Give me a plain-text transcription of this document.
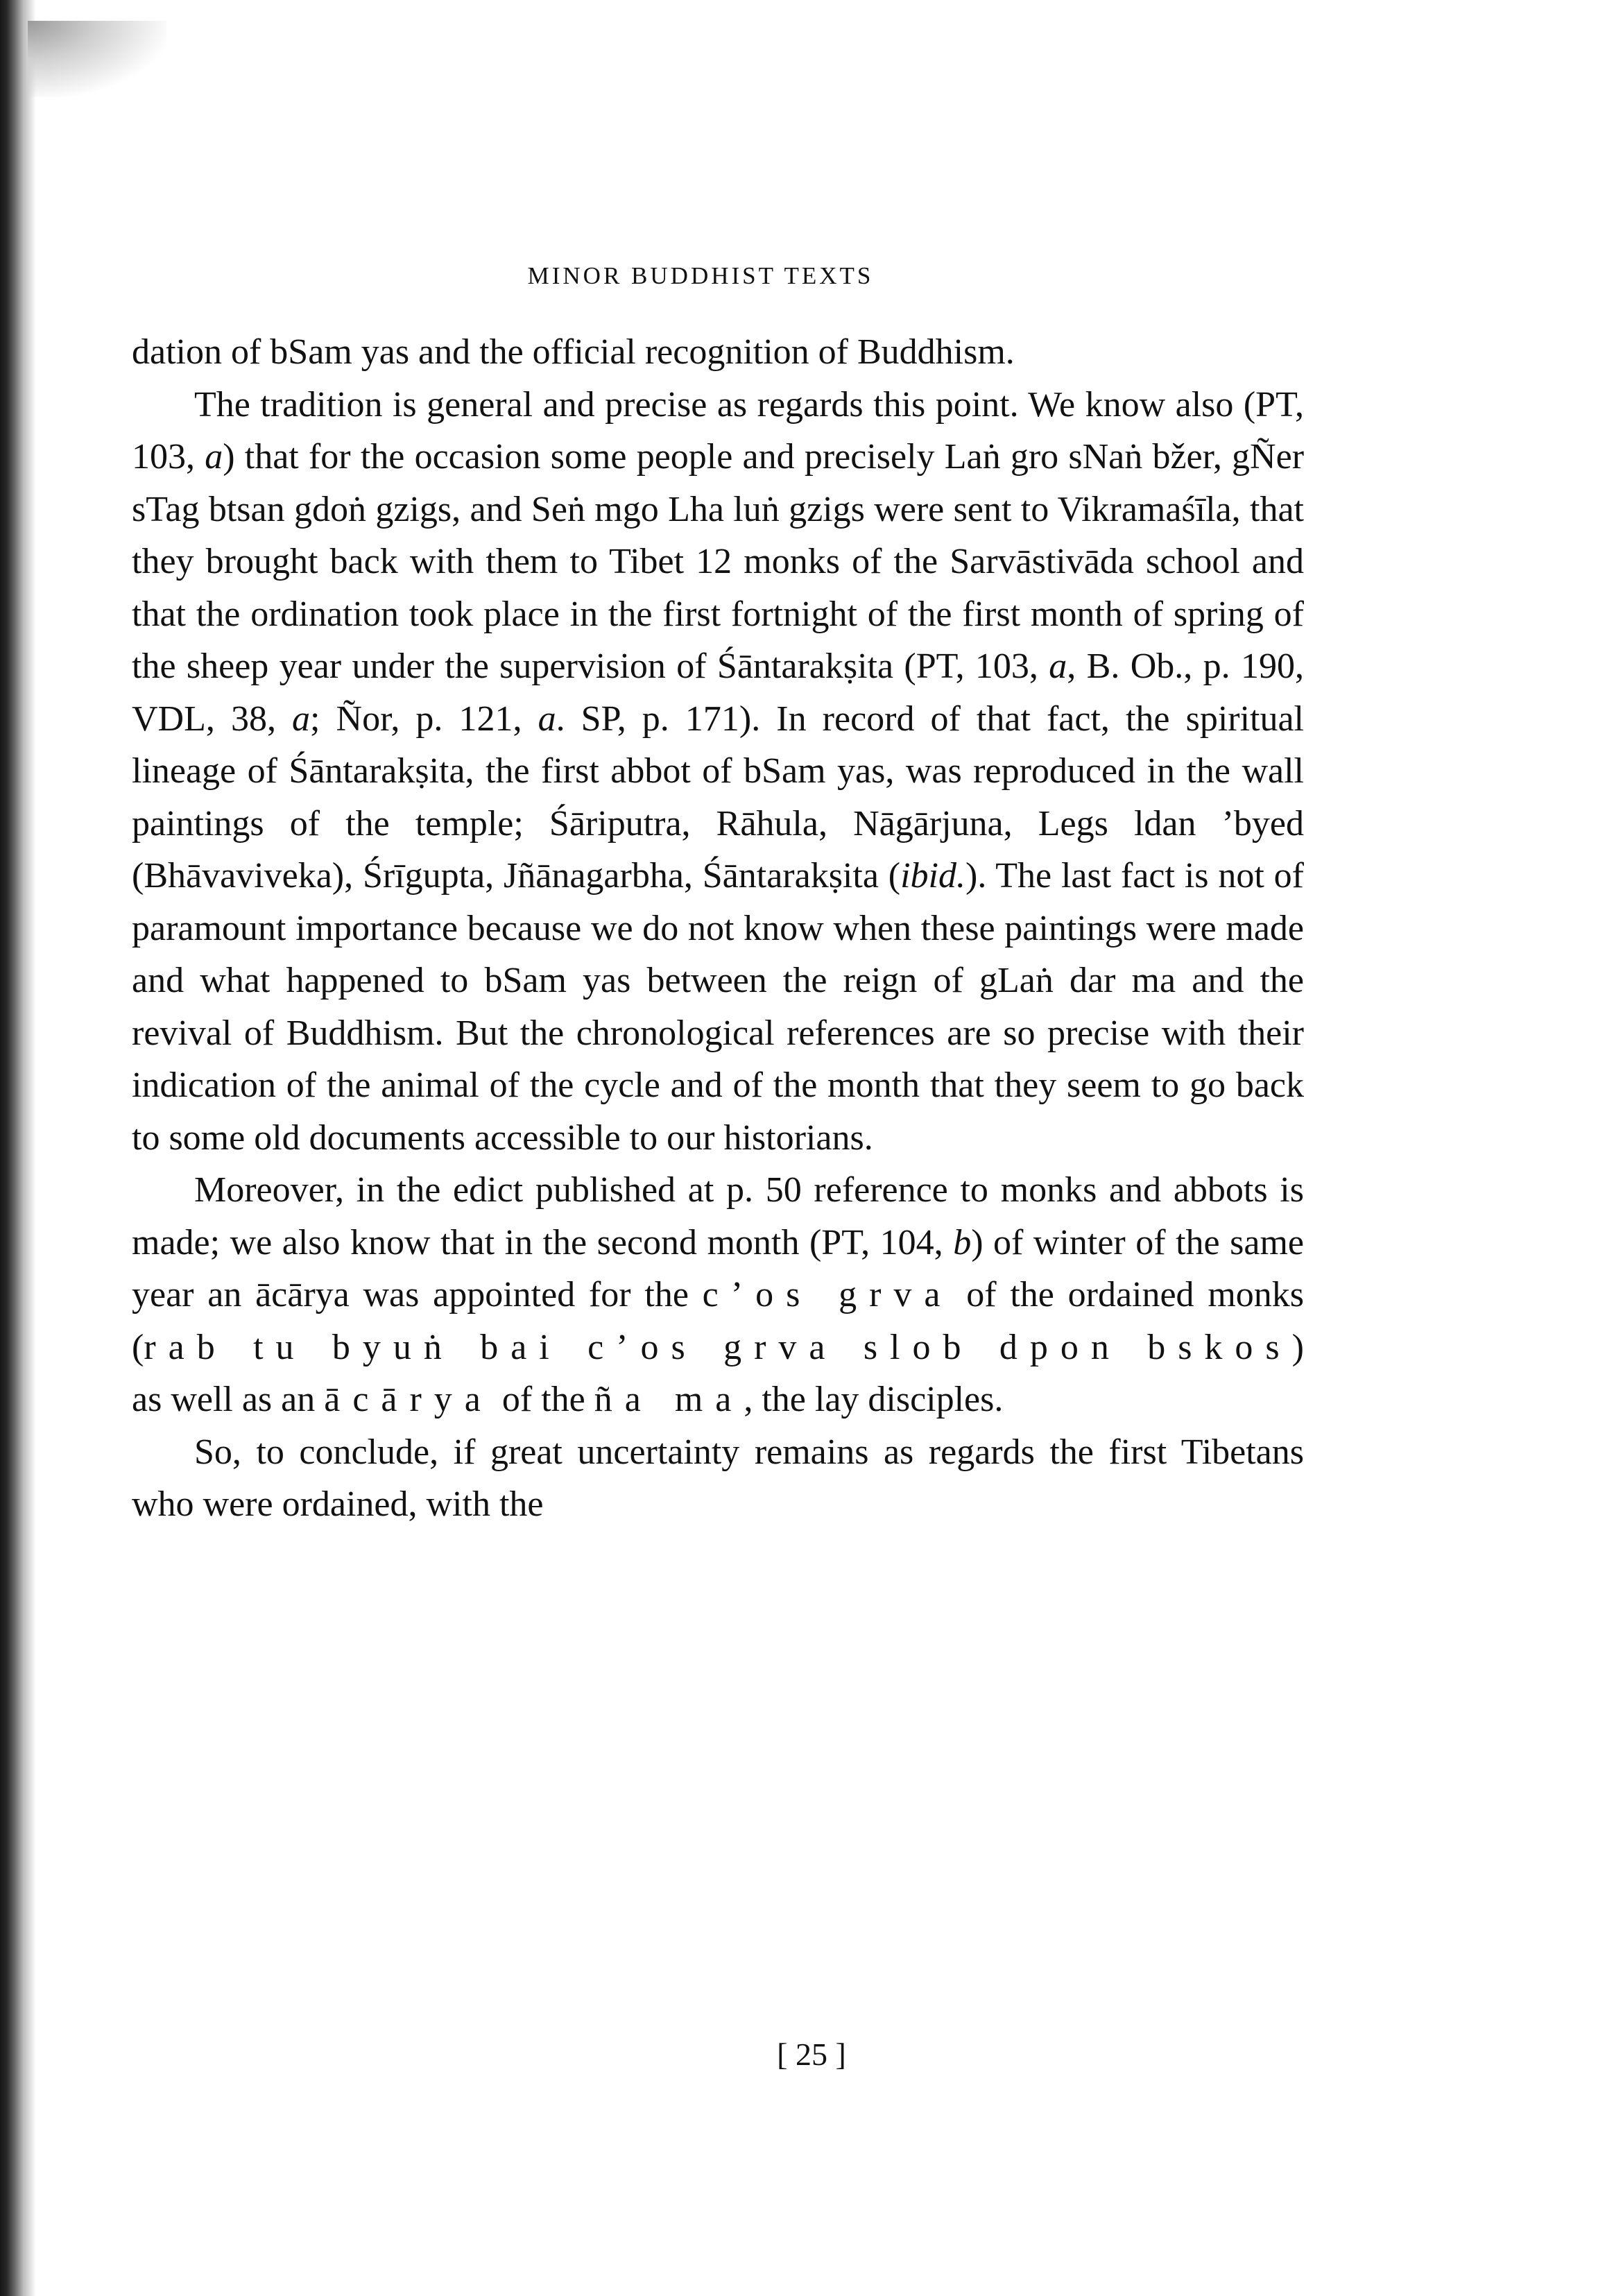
MINOR BUDDHIST TEXTS

dation of bSam yas and the official recognition of Buddhism.

The tradition is general and precise as regards this point. We know also (PT, 103, a) that for the occasion some people and precisely Laṅ gro sNaṅ bžer, gÑer sTag btsan gdoṅ gzigs, and Seṅ mgo Lha luṅ gzigs were sent to Vikramaśīla, that they brought back with them to Tibet 12 monks of the Sarvāstivāda school and that the ordination took place in the first fortnight of the first month of spring of the sheep year under the supervision of Śāntarakṣita (PT, 103, a, B. Ob., p. 190, VDL, 38, a; Ñor, p. 121, a. SP, p. 171). In record of that fact, the spiritual lineage of Śāntarakṣita, the first abbot of bSam yas, was reproduced in the wall paintings of the temple; Śāriputra, Rāhula, Nāgārjuna, Legs ldan ’byed (Bhāvaviveka), Śrīgupta, Jñānagarbha, Śāntarakṣita (ibid.). The last fact is not of paramount importance because we do not know when these paintings were made and what happened to bSam yas between the reign of gLaṅ dar ma and the revival of Buddhism. But the chronological references are so precise with their indication of the animal of the cycle and of the month that they seem to go back to some old documents accessible to our historians.

Moreover, in the edict published at p. 50 reference to monks and abbots is made; we also know that in the second month (PT, 104, b) of winter of the same year an ācārya was appointed for the c’os grva of the ordained monks (rab tu byuṅ bai c’os grva slob dpon bskos) as well as an ācārya of the ña ma, the lay disciples.

So, to conclude, if great uncertainty remains as regards the first Tibetans who were ordained, with the

[ 25 ]
